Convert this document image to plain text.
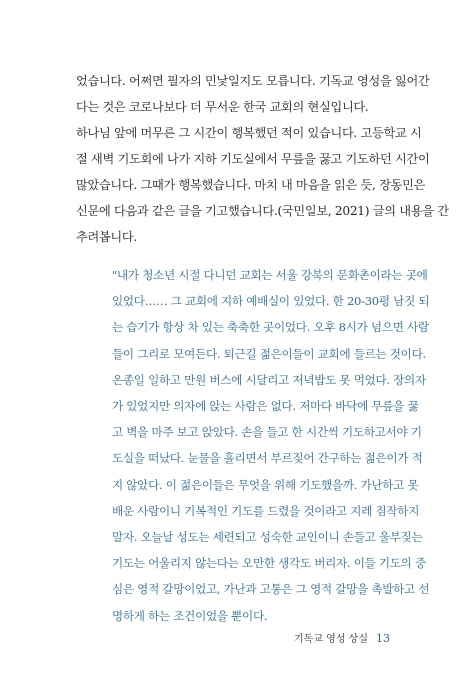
었습니다. 어쩌면 필자의 민낯일지도 모릅니다. 기독교 영성을 잃어간
다는 것은 코로나보다 더 무서운 한국 교회의 현실입니다.
하나님 앞에 머무른 그 시간이 행복했던 적이 있습니다. 고등학교 시
절 새벽 기도회에 나가 지하 기도실에서 무릎을 꿇고 기도하던 시간이
많았습니다. 그때가 행복했습니다. 마치 내 마음을 읽은 듯, 장동민은
신문에 다음과 같은 글을 기고했습니다.(국민일보, 2021) 글의 내용을 간
추려봅니다.
"내가 청소년 시절 다니던 교회는 서울 강북의 문화촌이라는 곳에
있었다…… 그 교회에 지하 예배실이 있었다. 한 20-30평 남짓 되
는 습기가 항상 차 있는 축축한 곳이었다. 오후 8시가 넘으면 사람
들이 그리로 모여든다. 퇴근길 젊은이들이 교회에 들르는 것이다.
온종일 일하고 만원 버스에 시달리고 저녁밥도 못 먹었다. 장의자
가 있었지만 의자에 앉는 사람은 없다. 저마다 바닥에 무릎을 꿇
고 벽을 마주 보고 앉았다. 손을 들고 한 시간씩 기도하고서야 기
도실을 떠났다. 눈물을 흘리면서 부르짖어 간구하는 젊은이가 적
지 않았다. 이 젊은이들은 무엇을 위해 기도했을까. 가난하고 못
배운 사람이니 기복적인 기도를 드렸을 것이라고 지레 짐작하지
말자. 오늘날 성도는 세련되고 성숙한 교인이니 손들고 울부짖는
기도는 어울리지 않는다는 오만한 생각도 버리자. 이들 기도의 중
심은 영적 갈망이었고, 가난과 고통은 그 영적 갈망을 촉발하고 선
명하게 하는 조건이었을 뿐이다.
기독교 영성 상실 13
